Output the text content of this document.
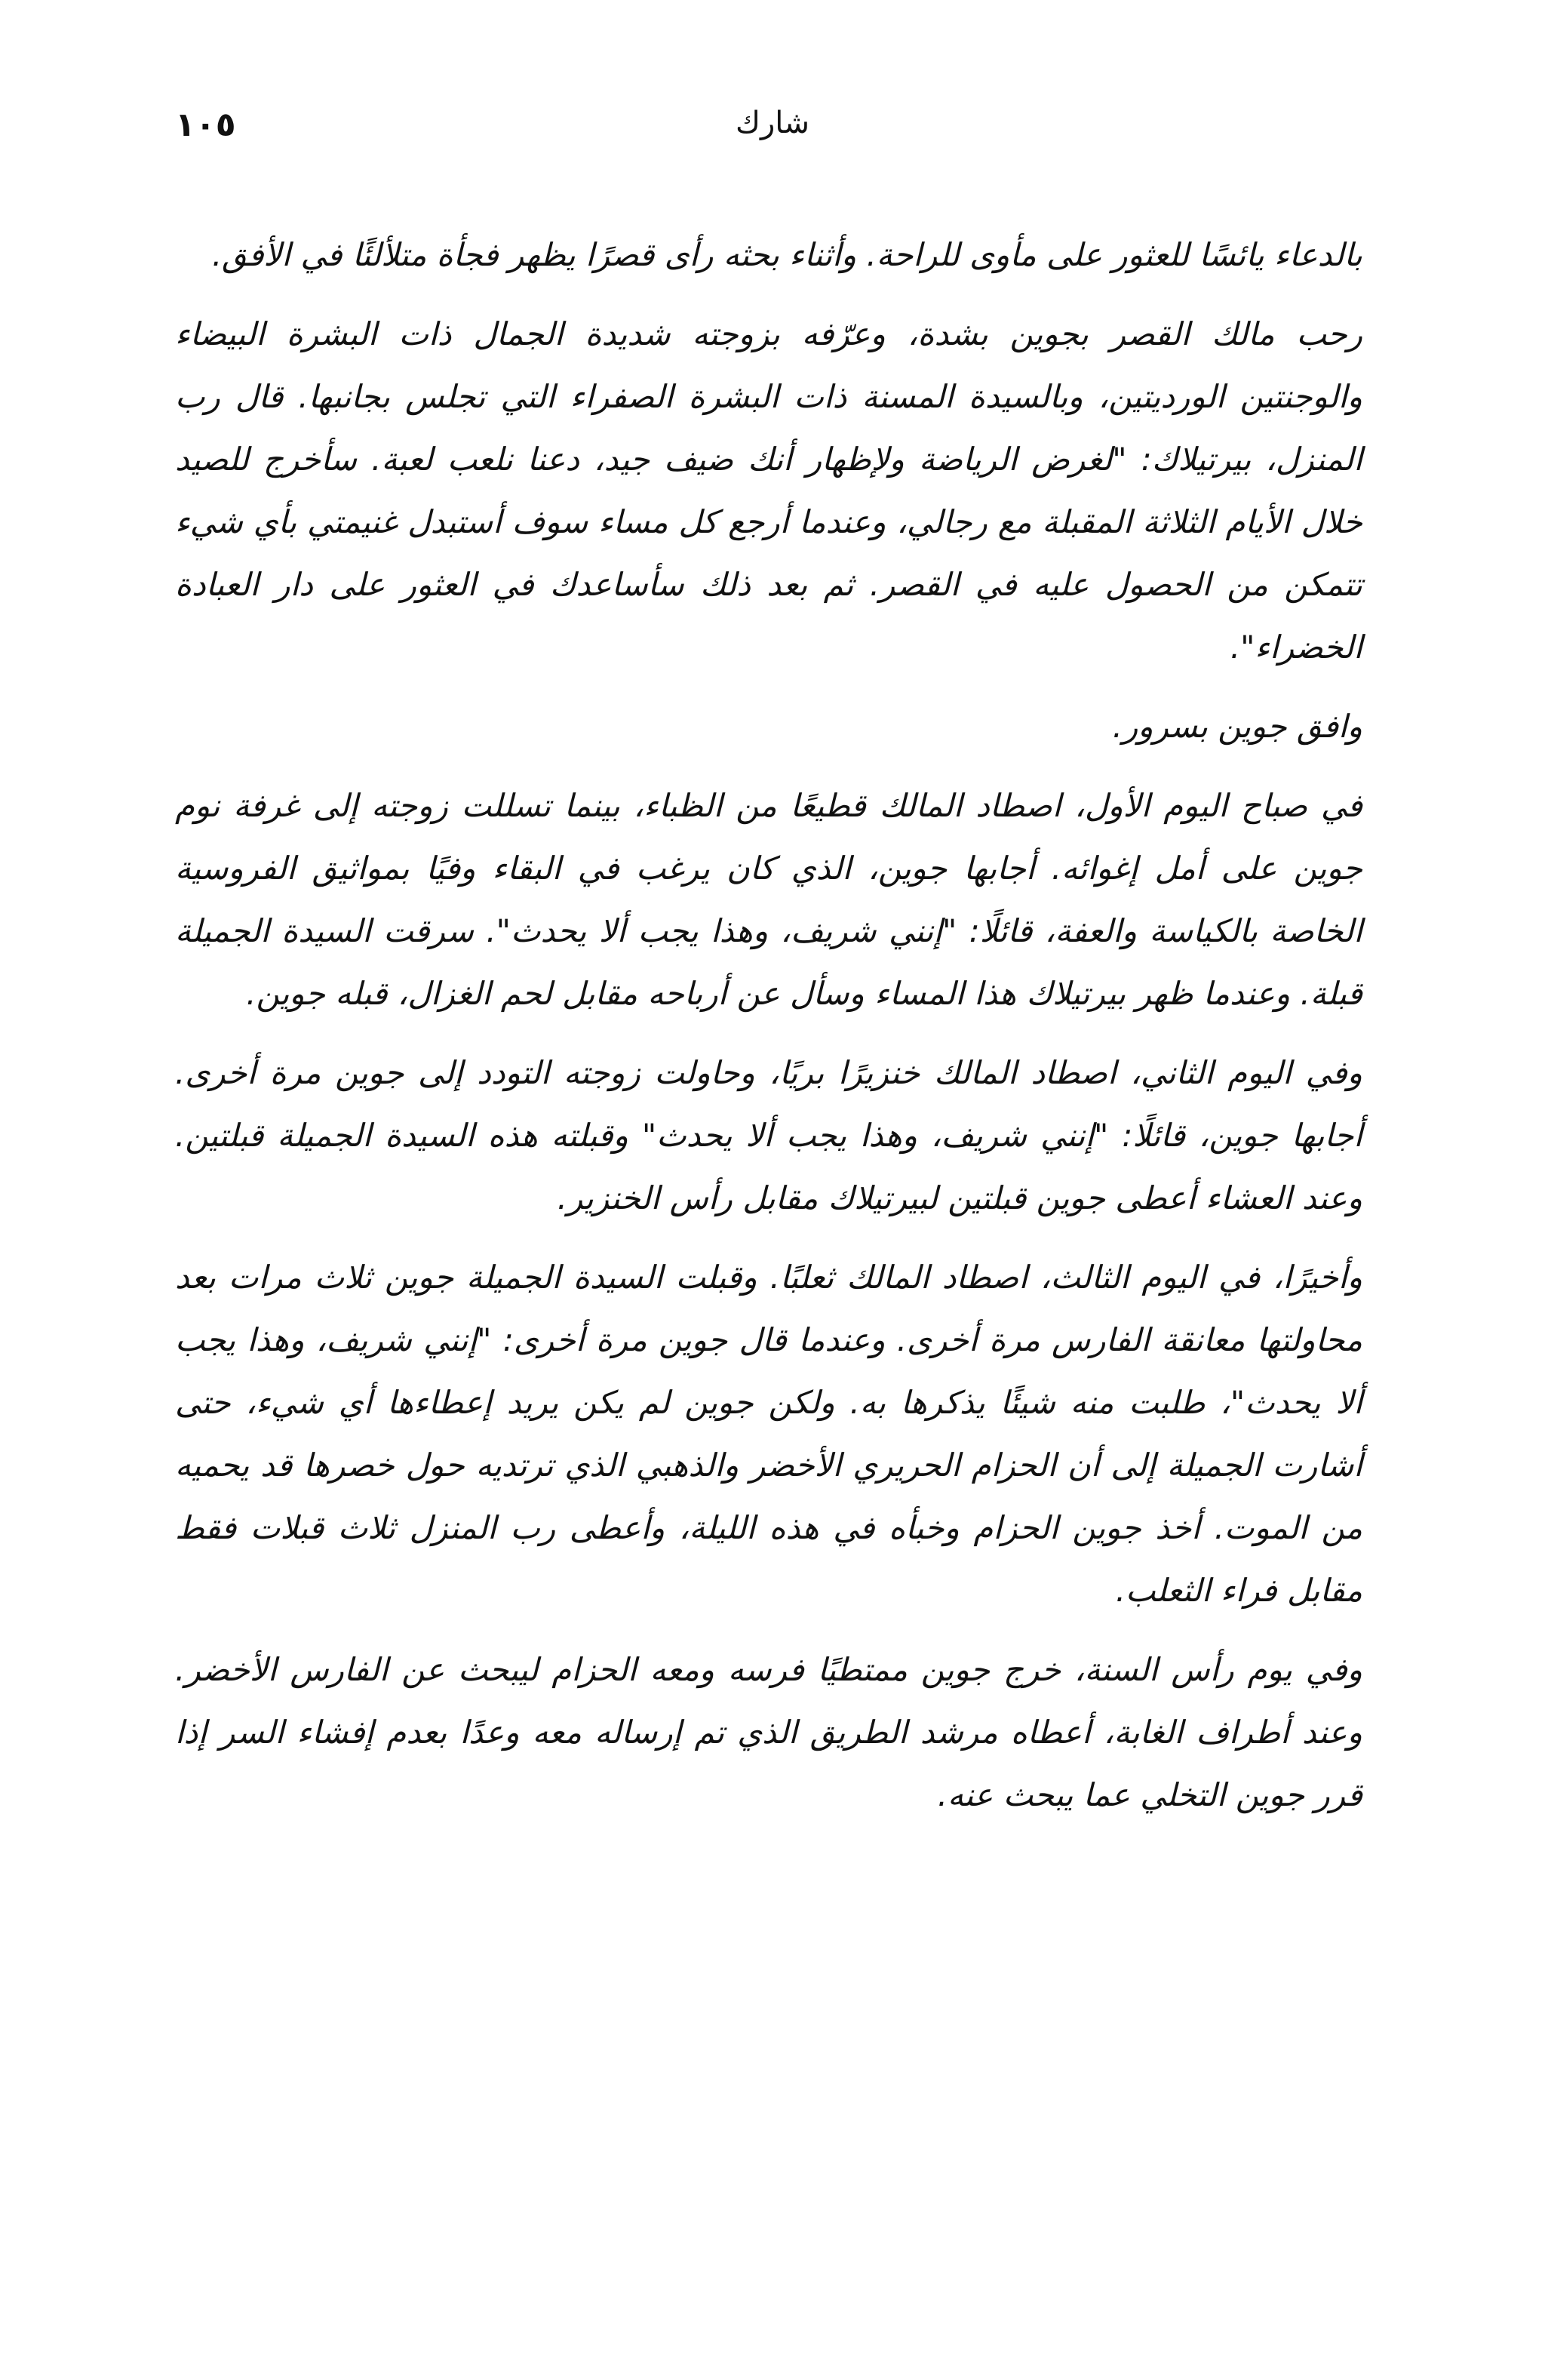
١٠٥	شارك

بالدعاء يائسًا للعثور على مأوى للراحة. وأثناء بحثه رأى قصرًا يظهر فجأة متلألئًا في الأفق.

رحب مالك القصر بجوين بشدة، وعرّفه بزوجته شديدة الجمال ذات البشرة البيضاء والوجنتين الورديتين، وبالسيدة المسنة ذات البشرة الصفراء التي تجلس بجانبها. قال رب المنزل، بيرتيلاك: "لغرض الرياضة ولإظهار أنك ضيف جيد، دعنا نلعب لعبة. سأخرج للصيد خلال الأيام الثلاثة المقبلة مع رجالي، وعندما أرجع كل مساء سوف أستبدل غنيمتي بأي شيء تتمكن من الحصول عليه في القصر. ثم بعد ذلك سأساعدك في العثور على دار العبادة الخضراء".

وافق جوين بسرور.

في صباح اليوم الأول، اصطاد المالك قطيعًا من الظباء، بينما تسللت زوجته إلى غرفة نوم جوين على أمل إغوائه. أجابها جوين، الذي كان يرغب في البقاء وفيًا بمواثيق الفروسية الخاصة بالكياسة والعفة، قائلًا: "إنني شريف، وهذا يجب ألا يحدث". سرقت السيدة الجميلة قبلة. وعندما ظهر بيرتيلاك هذا المساء وسأل عن أرباحه مقابل لحم الغزال، قبله جوين.

وفي اليوم الثاني، اصطاد المالك خنزيرًا بريًا، وحاولت زوجته التودد إلى جوين مرة أخرى. أجابها جوين، قائلًا: "إنني شريف، وهذا يجب ألا يحدث" وقبلته هذه السيدة الجميلة قبلتين. وعند العشاء أعطى جوين قبلتين لبيرتيلاك مقابل رأس الخنزير.

وأخيرًا، في اليوم الثالث، اصطاد المالك ثعلبًا. وقبلت السيدة الجميلة جوين ثلاث مرات بعد محاولتها معانقة الفارس مرة أخرى. وعندما قال جوين مرة أخرى: "إنني شريف، وهذا يجب ألا يحدث"، طلبت منه شيئًا يذكرها به. ولكن جوين لم يكن يريد إعطاءها أي شيء، حتى أشارت الجميلة إلى أن الحزام الحريري الأخضر والذهبي الذي ترتديه حول خصرها قد يحميه من الموت. أخذ جوين الحزام وخبأه في هذه الليلة، وأعطى رب المنزل ثلاث قبلات فقط مقابل فراء الثعلب.

وفي يوم رأس السنة، خرج جوين ممتطيًا فرسه ومعه الحزام ليبحث عن الفارس الأخضر. وعند أطراف الغابة، أعطاه مرشد الطريق الذي تم إرساله معه وعدًا بعدم إفشاء السر إذا قرر جوين التخلي عما يبحث عنه.
